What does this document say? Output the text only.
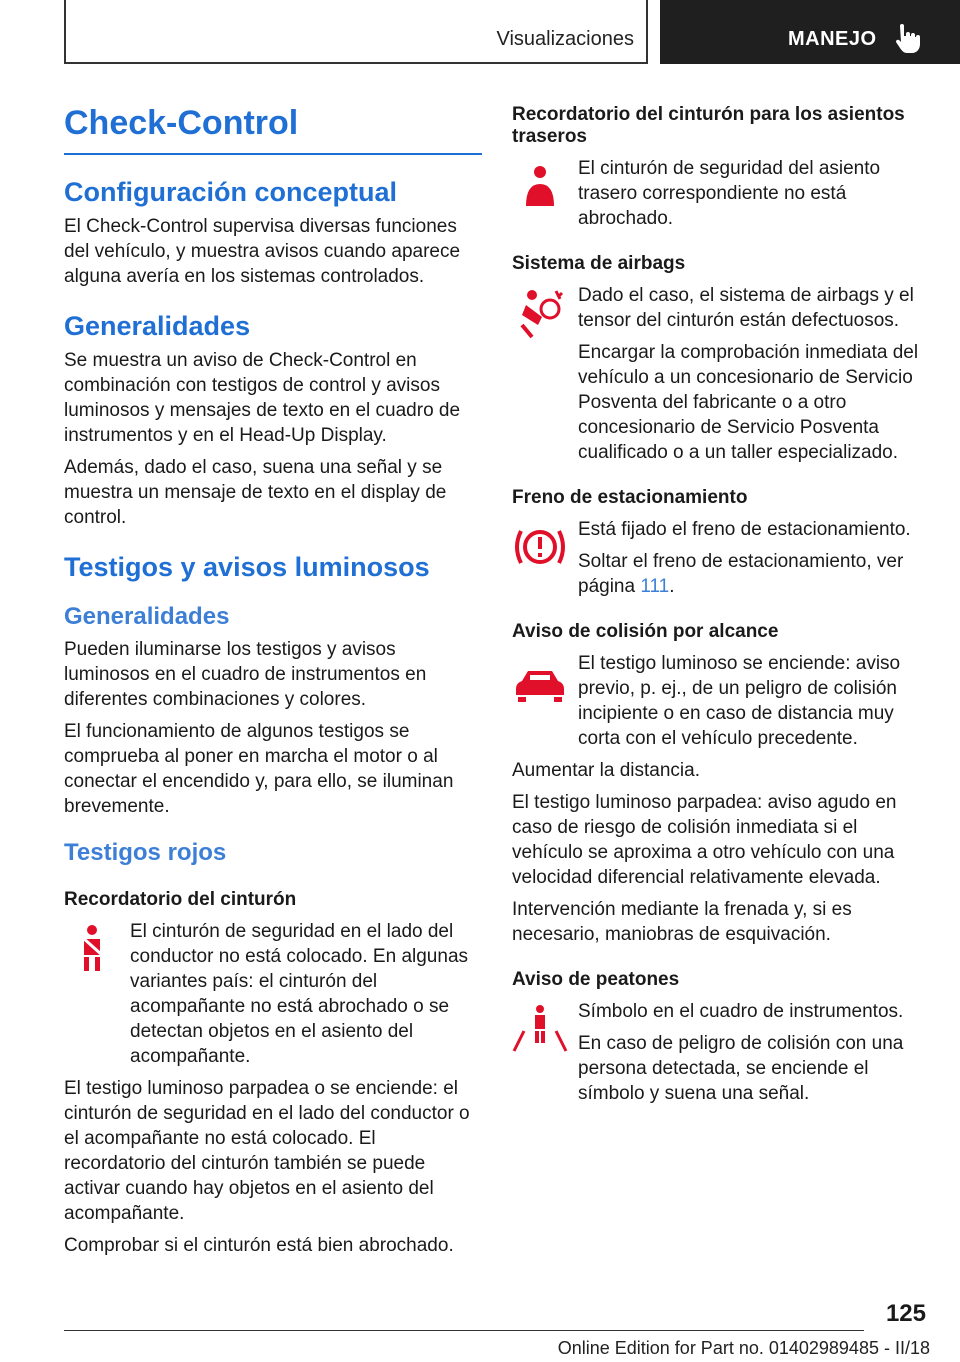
Visualizaciones	MANEJO
Check-Control
Configuración conceptual

El Check-Control supervisa diversas funciones del vehículo, y muestra avisos cuando aparece alguna avería en los sistemas controlados.

Generalidades

Se muestra un aviso de Check-Control en combinación con testigos de control y avisos luminosos y mensajes de texto en el cuadro de instrumentos y en el Head-Up Display.

Además, dado el caso, suena una señal y se muestra un mensaje de texto en el display de control.

Testigos y avisos luminosos
Generalidades

Pueden iluminarse los testigos y avisos luminosos en el cuadro de instrumentos en diferentes combinaciones y colores.

El funcionamiento de algunos testigos se comprueba al poner en marcha el motor o al conectar el encendido y, para ello, se iluminan brevemente.

Testigos rojos
Recordatorio del cinturón

El cinturón de seguridad en el lado del conductor no está colocado. En algunas variantes país: el cinturón del acompañante no está abrochado o se detectan objetos en el asiento del acompañante.

El testigo luminoso parpadea o se enciende: el cinturón de seguridad en el lado del conductor o el acompañante no está colocado. El recordatorio del cinturón también se puede activar cuando hay objetos en el asiento del acompañante.

Comprobar si el cinturón está bien abrochado.

Recordatorio del cinturón para los asientos traseros

El cinturón de seguridad del asiento trasero correspondiente no está abrochado.

Sistema de airbags

Dado el caso, el sistema de airbags y el tensor del cinturón están defectuosos.

Encargar la comprobación inmediata del vehículo a un concesionario de Servicio Posventa del fabricante o a otro concesionario de Servicio Posventa cualificado o a un taller especializado.

Freno de estacionamiento

Está fijado el freno de estacionamiento.

Soltar el freno de estacionamiento, ver página 111.

Aviso de colisión por alcance

El testigo luminoso se enciende: aviso previo, p. ej., de un peligro de colisión incipiente o en caso de distancia muy corta con el vehículo precedente.

Aumentar la distancia.

El testigo luminoso parpadea: aviso agudo en caso de riesgo de colisión inmediata si el vehículo se aproxima a otro vehículo con una velocidad diferencial relativamente elevada.

Intervención mediante la frenada y, si es necesario, maniobras de esquivación.

Aviso de peatones

Símbolo en el cuadro de instrumentos.

En caso de peligro de colisión con una persona detectada, se enciende el símbolo y suena una señal.

125
Online Edition for Part no. 01402989485 - II/18
